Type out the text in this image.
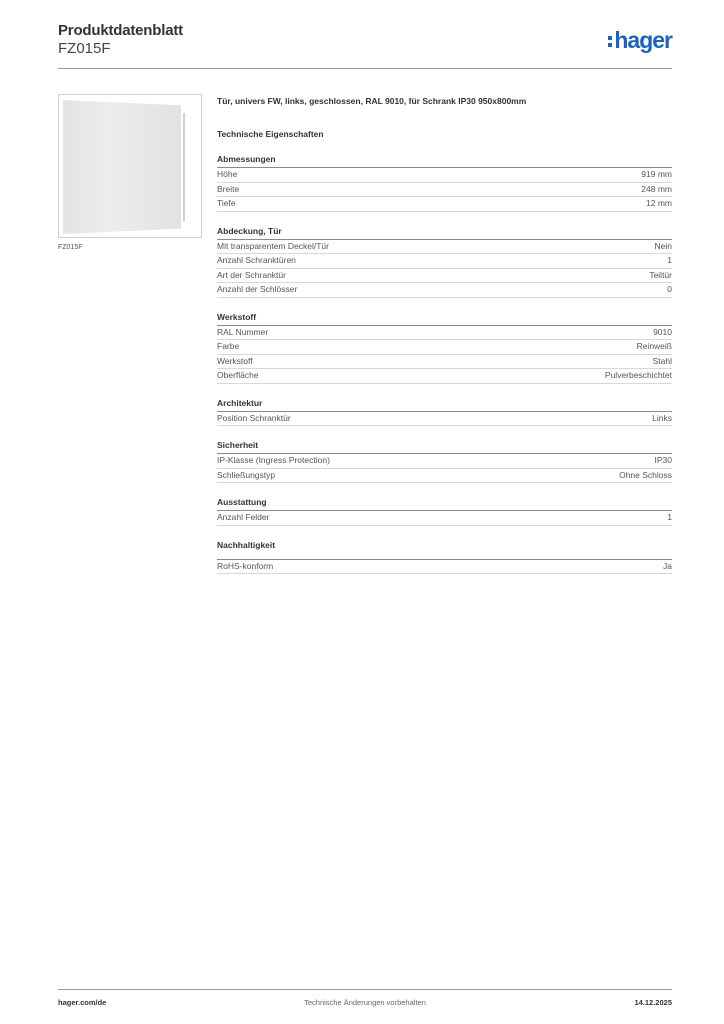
Produktdatenblatt
FZ015F	hager
FZ015F
Tür, univers FW, links, geschlossen, RAL 9010, für Schrank IP30 950x800mm
Technische Eigenschaften
Abmessungen
Höhe	919 mm
Breite	248 mm
Tiefe	12 mm
Abdeckung, Tür
Mit transparentem Deckel/Tür	Nein
Anzahl Schranktüren	1
Art der Schranktür	Teiltür
Anzahl der Schlösser	0
Werkstoff
RAL Nummer	9010
Farbe	Reinweiß
Werkstoff	Stahl
Oberfläche	Pulverbeschichtet
Architektur
Position Schranktür	Links
Sicherheit
IP-Klasse (Ingress Protection)	IP30
Schließungstyp	Ohne Schloss
Ausstattung
Anzahl Felder	1
Nachhaltigkeit
RoHS-konform	Ja
hager.com/de	Technische Änderungen vorbehalten	14.12.2025
